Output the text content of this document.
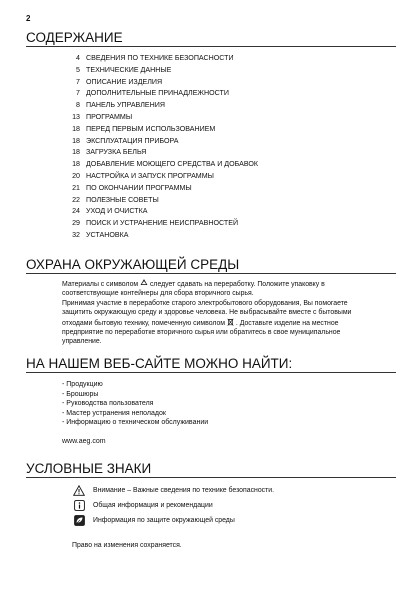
2
СОДЕРЖАНИЕ
4 СВЕДЕНИЯ ПО ТЕХНИКЕ БЕЗОПАСНОСТИ
5 ТЕХНИЧЕСКИЕ ДАННЫЕ
7 ОПИСАНИЕ ИЗДЕЛИЯ
7 ДОПОЛНИТЕЛЬНЫЕ ПРИНАДЛЕЖНОСТИ
8 ПАНЕЛЬ УПРАВЛЕНИЯ
13 ПРОГРАММЫ
18 ПЕРЕД ПЕРВЫМ ИСПОЛЬЗОВАНИЕМ
18 ЭКСПЛУАТАЦИЯ ПРИБОРА
18 ЗАГРУЗКА БЕЛЬЯ
18 ДОБАВЛЕНИЕ МОЮЩЕГО СРЕДСТВА И ДОБАВОК
20 НАСТРОЙКА И ЗАПУСК ПРОГРАММЫ
21 ПО ОКОНЧАНИИ ПРОГРАММЫ
22 ПОЛЕЗНЫЕ СОВЕТЫ
24 УХОД И ОЧИСТКА
29 ПОИСК И УСТРАНЕНИЕ НЕИСПРАВНОСТЕЙ
32 УСТАНОВКА
ОХРАНА ОКРУЖАЮЩЕЙ СРЕДЫ
Материалы с символом следует сдавать на переработку. Положите упаковку в
соответствующие контейнеры для сбора вторичного сырья.
Принимая участие в переработке старого электробытового оборудования, Вы помогаете
защитить окружающую среду и здоровье человека. Не выбрасывайте вместе с бытовыми
отходами бытовую технику, помеченную символом . Доставьте изделие на местное
предприятие по переработке вторичного сырья или обратитесь в свое муниципальное
управление.
НА НАШЕМ ВЕБ-САЙТЕ МОЖНО НАЙТИ:
- Продукцию
- Брошюры
- Руководства пользователя
- Мастер устранения неполадок
- Информацию о техническом обслуживании
www.aeg.com
УСЛОВНЫЕ ЗНАКИ
Внимание – Важные сведения по технике безопасности.
Общая информация и рекомендации
Информация по защите окружающей среды
Право на изменения сохраняется.
